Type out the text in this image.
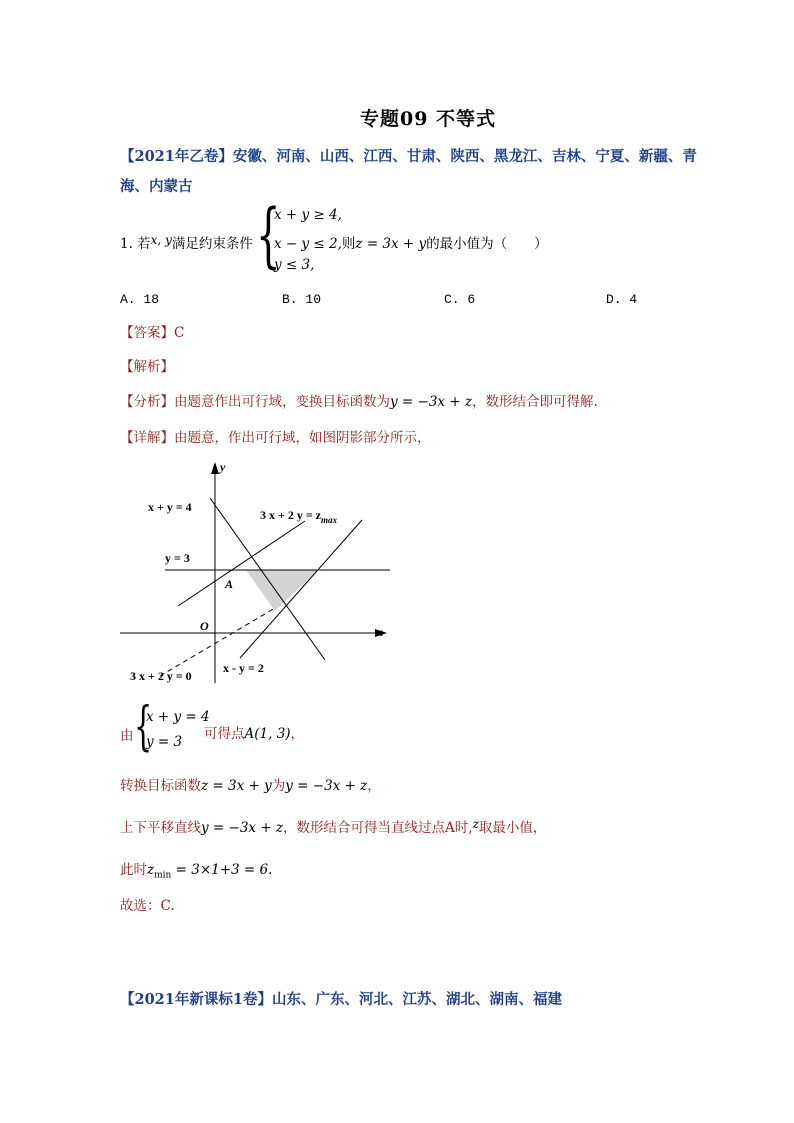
专题09 不等式
【2021年乙卷】安徽、河南、山西、江西、甘肃、陕西、黑龙江、吉林、宁夏、新疆、青
海、内蒙古
1. 若x, y满足约束条件 {
x + y ≥ 4,
x − y ≤ 2,则z = 3x + y的最小值为（　　）
y ≤ 3,
A. 18	B. 10	C. 6	D. 4
【答案】C
【解析】
【分析】由题意作出可行域，变换目标函数为y = −3x + z，数形结合即可得解.
【详解】由题意，作出可行域，如图阴影部分所示，
x + y = 4
3 x + 2 $y = z_{max}$
y = 3
A
O	x
y
x - y = 2
3 x + 2 y = 0
由 {
x + y = 4
y = 3 可得点A(1, 3)，
转换目标函数z = 3x + y为y = −3x + z，
上下平移直线y = −3x + z，数形结合可得当直线过点A时,z取最小值，
此时$z_{min} = 3\times 1+3 = 6$.
故选：C.
【2021年新课标1卷】山东、广东、河北、江苏、湖北、湖南、福建
